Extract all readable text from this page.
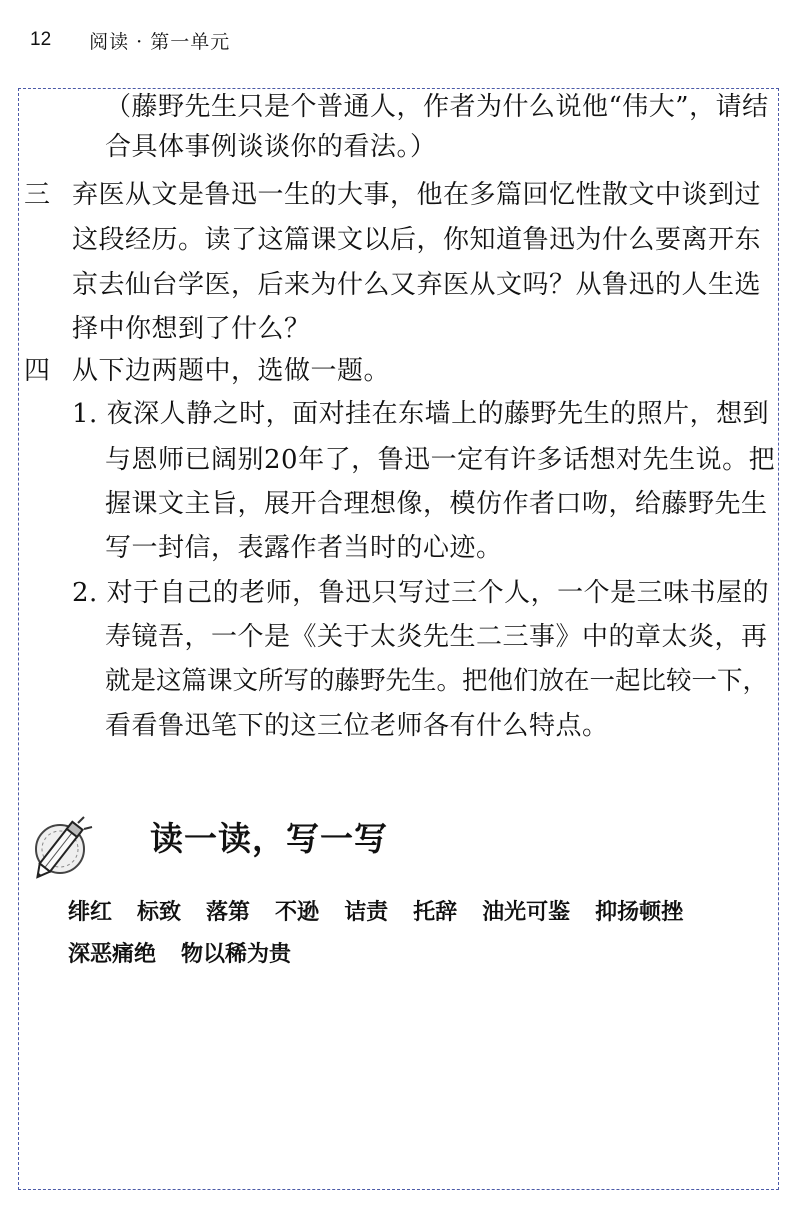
12 阅读 · 第一单元
（藤野先生只是个普通人，作者为什么说他“伟大”，请结
合具体事例谈谈你的看法。）
三 弃医从文是鲁迅一生的大事，他在多篇回忆性散文中谈到过
这段经历。读了这篇课文以后，你知道鲁迅为什么要离开东
京去仙台学医，后来为什么又弃医从文吗？从鲁迅的人生选
择中你想到了什么？
四 从下边两题中，选做一题。
1. 夜深人静之时，面对挂在东墙上的藤野先生的照片，想到
与恩师已阔别20年了，鲁迅一定有许多话想对先生说。把
握课文主旨，展开合理想像，模仿作者口吻，给藤野先生
写一封信，表露作者当时的心迹。
2. 对于自己的老师，鲁迅只写过三个人，一个是三味书屋的
寿镜吾，一个是《关于太炎先生二三事》中的章太炎，再
就是这篇课文所写的藤野先生。把他们放在一起比较一下，
看看鲁迅笔下的这三位老师各有什么特点。
读一读，写一写
绯红 标致 落第 不逊 诘责 托辞 油光可鉴 抑扬顿挫
深恶痛绝 物以稀为贵
